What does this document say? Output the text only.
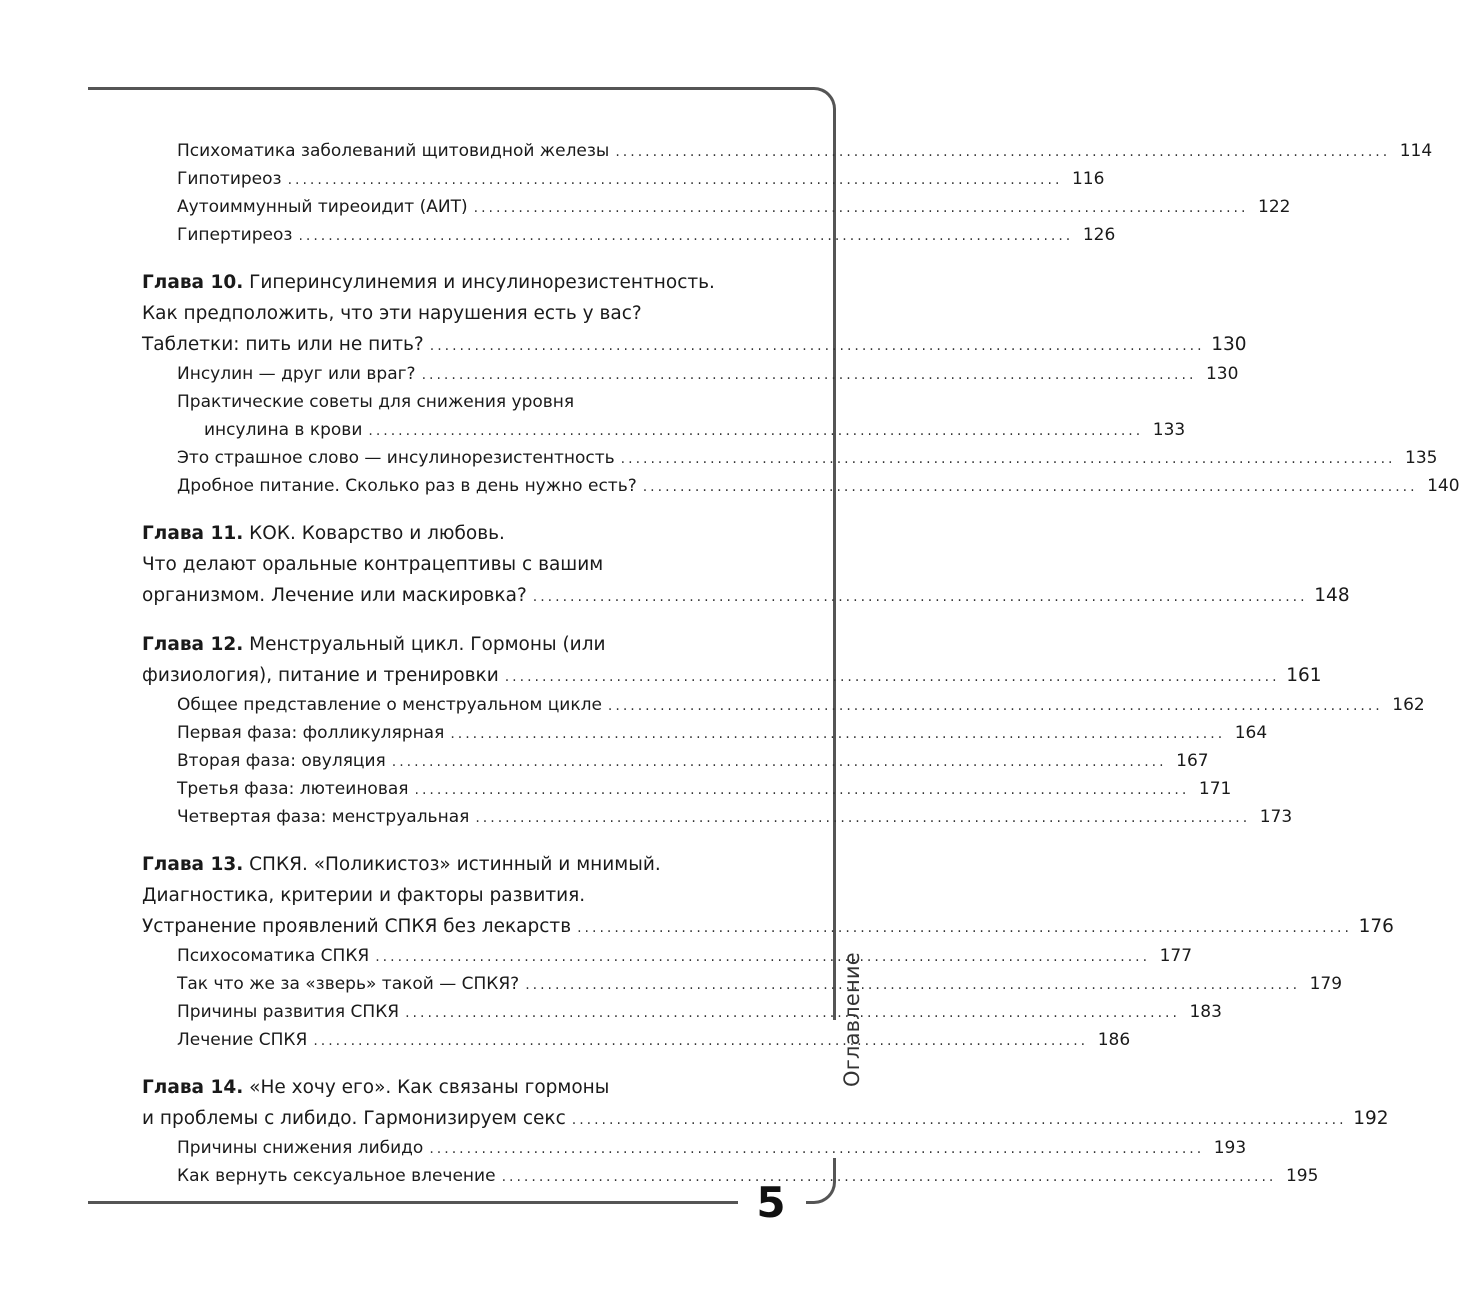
Оглавление
5
Психоматика заболеваний щитовидной железы ........................................................................................................ 114
Гипотиреоз ........................................................................................................ 116
Аутоиммунный тиреоидит (АИТ) ........................................................................................................ 122
Гипертиреоз ........................................................................................................ 126
Глава 10. Гиперинсулинемия и инсулинорезистентность.
Как предположить, что эти нарушения есть у вас?
Таблетки: пить или не пить? ........................................................................................................ 130
Инсулин — друг или враг? ........................................................................................................ 130
Практические советы для снижения уровня
инсулина в крови ........................................................................................................ 133
Это страшное слово — инсулинорезистентность ........................................................................................................ 135
Дробное питание. Сколько раз в день нужно есть? ........................................................................................................ 140
Глава 11. КОК. Коварство и любовь.
Что делают оральные контрацептивы с вашим
организмом. Лечение или маскировка? ........................................................................................................ 148
Глава 12. Менструальный цикл. Гормоны (или
физиология), питание и тренировки ........................................................................................................ 161
Общее представление о менструальном цикле ........................................................................................................ 162
Первая фаза: фолликулярная ........................................................................................................ 164
Вторая фаза: овуляция ........................................................................................................ 167
Третья фаза: лютеиновая ........................................................................................................ 171
Четвертая фаза: менструальная ........................................................................................................ 173
Глава 13. СПКЯ. «Поликистоз» истинный и мнимый.
Диагностика, критерии и факторы развития.
Устранение проявлений СПКЯ без лекарств ........................................................................................................ 176
Психосоматика СПКЯ ........................................................................................................ 177
Так что же за «зверь» такой — СПКЯ? ........................................................................................................ 179
Причины развития СПКЯ ........................................................................................................ 183
Лечение СПКЯ ........................................................................................................ 186
Глава 14. «Не хочу его». Как связаны гормоны
и проблемы с либидо. Гармонизируем секс ........................................................................................................ 192
Причины снижения либидо ........................................................................................................ 193
Как вернуть сексуальное влечение ........................................................................................................ 195
